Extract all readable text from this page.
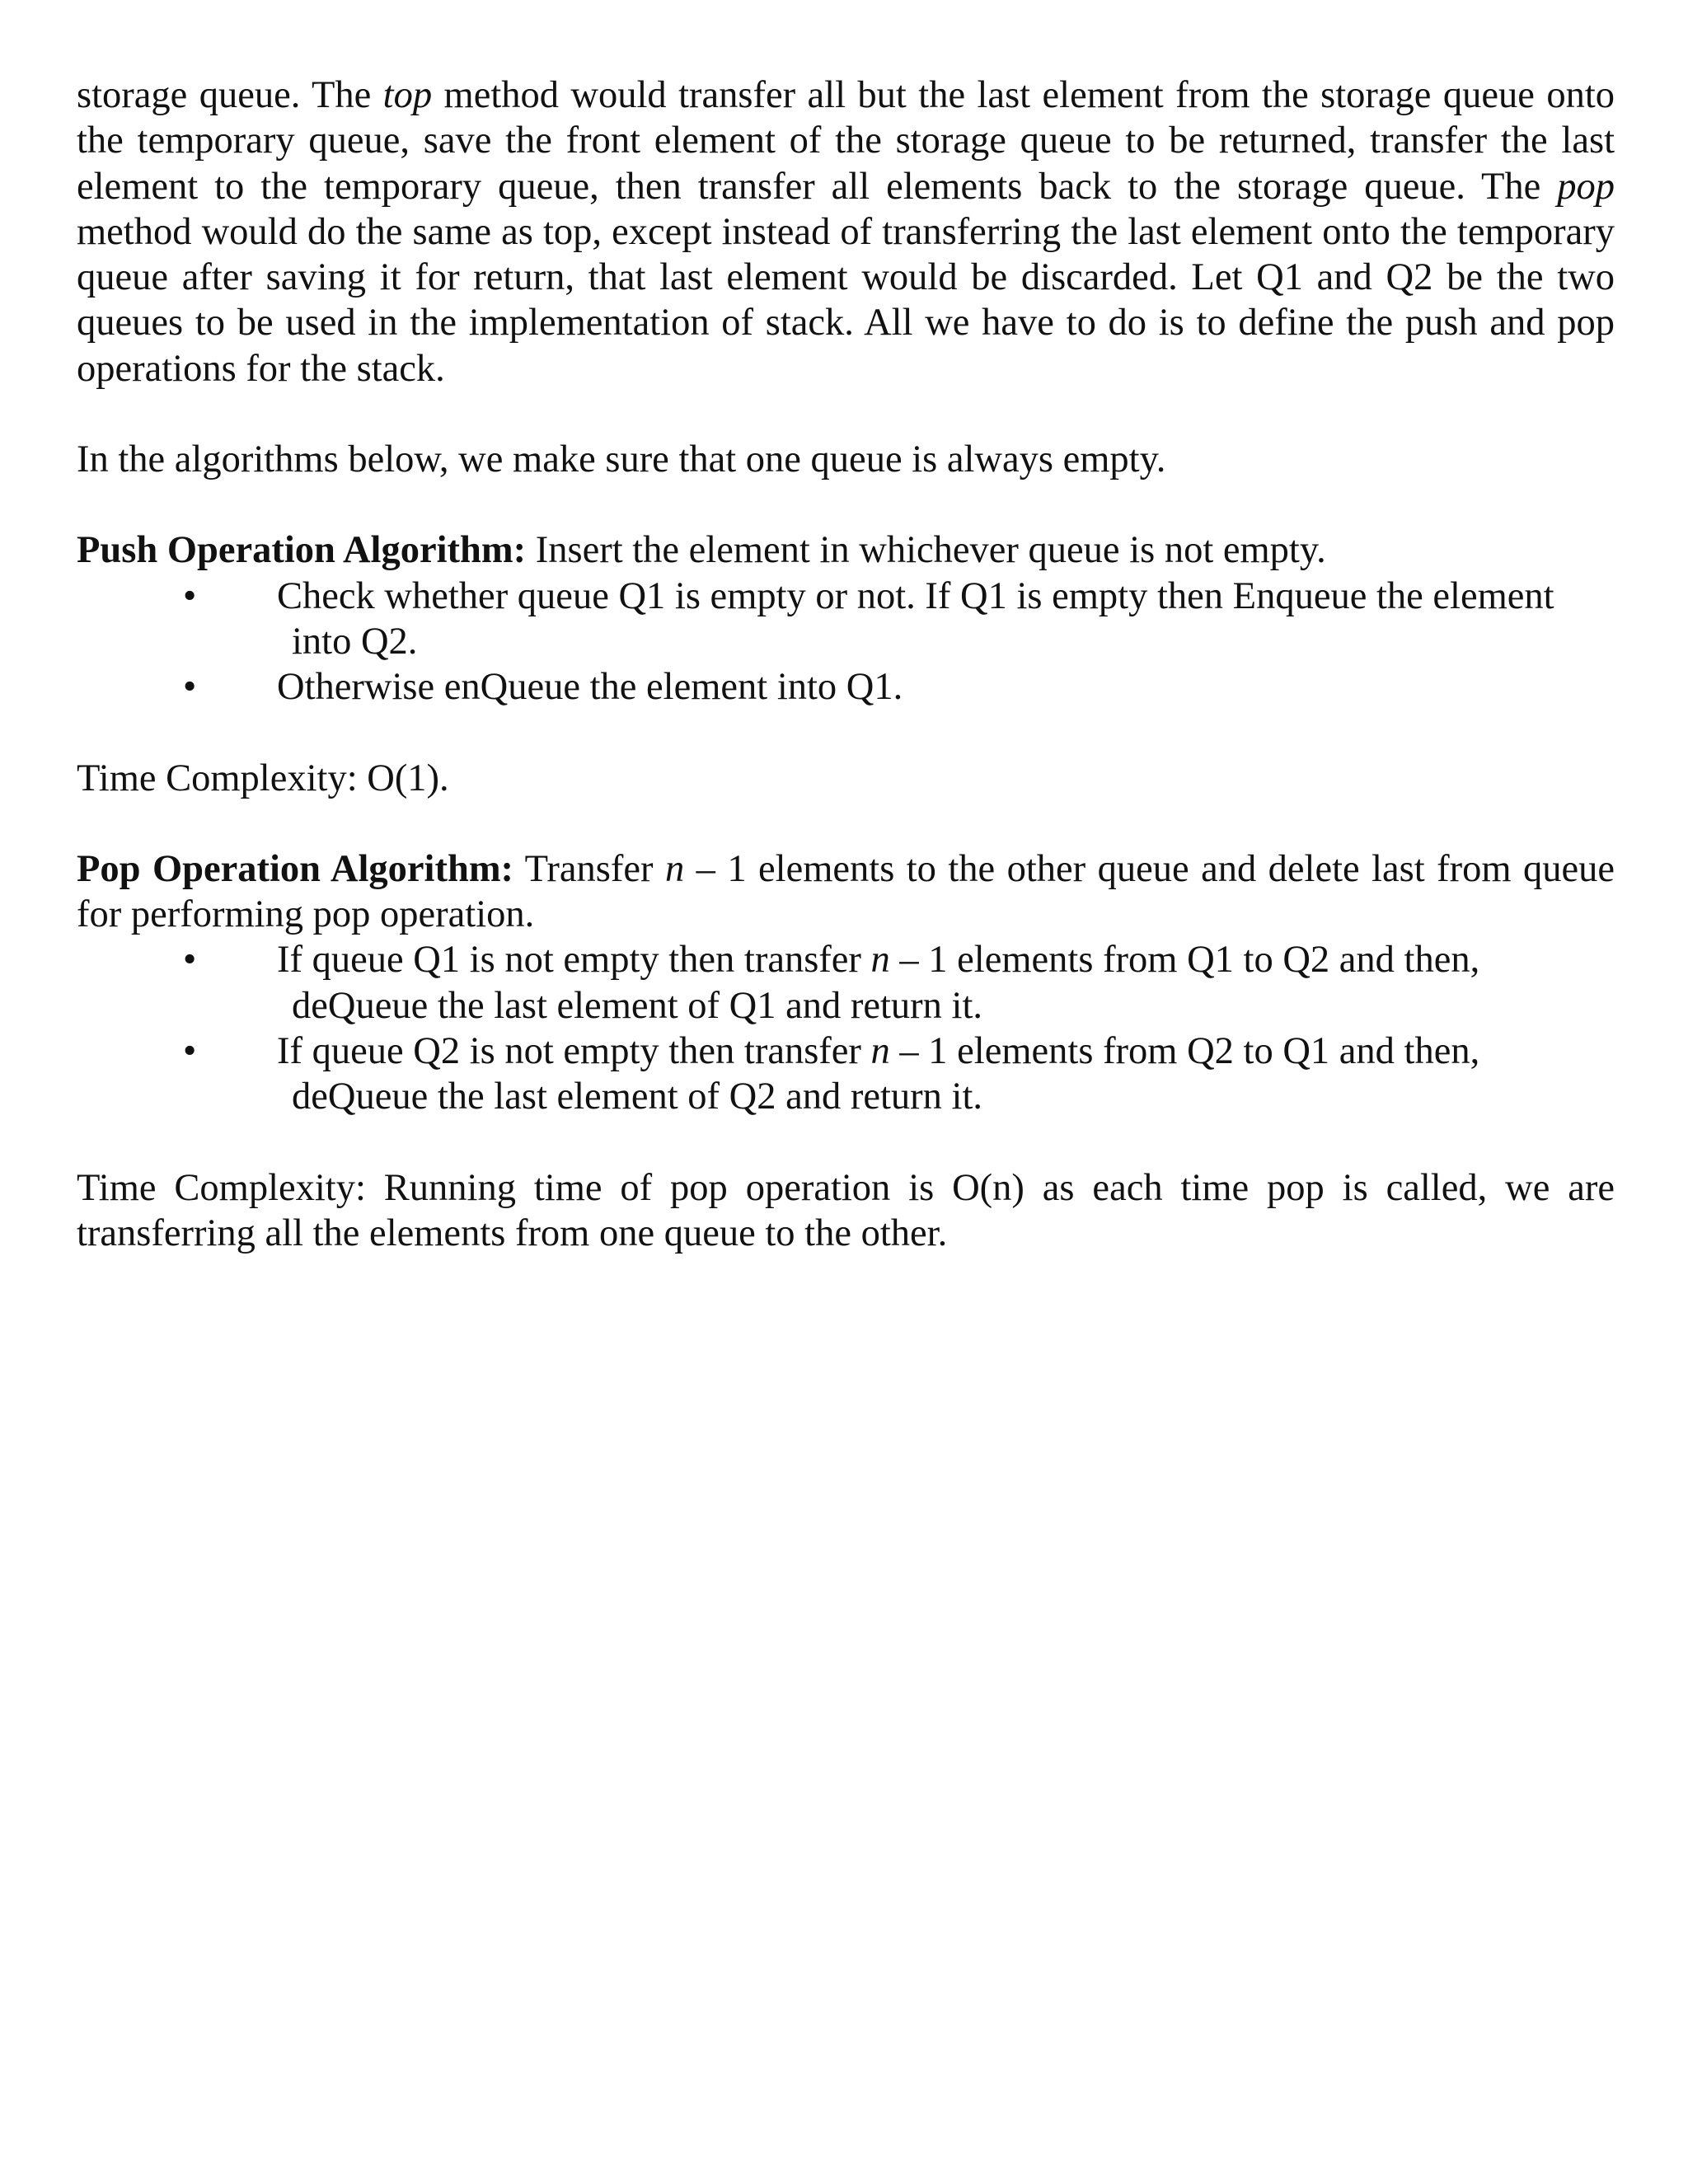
storage queue. The top method would transfer all but the last element from the storage queue onto the temporary queue, save the front element of the storage queue to be returned, transfer the last element to the temporary queue, then transfer all elements back to the storage queue. The pop method would do the same as top, except instead of transferring the last element onto the temporary queue after saving it for return, that last element would be discarded. Let Q1 and Q2 be the two queues to be used in the implementation of stack. All we have to do is to define the push and pop operations for the stack.

In the algorithms below, we make sure that one queue is always empty.

Push Operation Algorithm: Insert the element in whichever queue is not empty.

• Check whether queue Q1 is empty or not. If Q1 is empty then Enqueue the element
into Q2.
• Otherwise enQueue the element into Q1.

Time Complexity: O(1).

Pop Operation Algorithm: Transfer n – 1 elements to the other queue and delete last from queue for performing pop operation.

• If queue Q1 is not empty then transfer n – 1 elements from Q1 to Q2 and then,
deQueue the last element of Q1 and return it.
• If queue Q2 is not empty then transfer n – 1 elements from Q2 to Q1 and then,
deQueue the last element of Q2 and return it.

Time Complexity: Running time of pop operation is O(n) as each time pop is called, we are transferring all the elements from one queue to the other.
